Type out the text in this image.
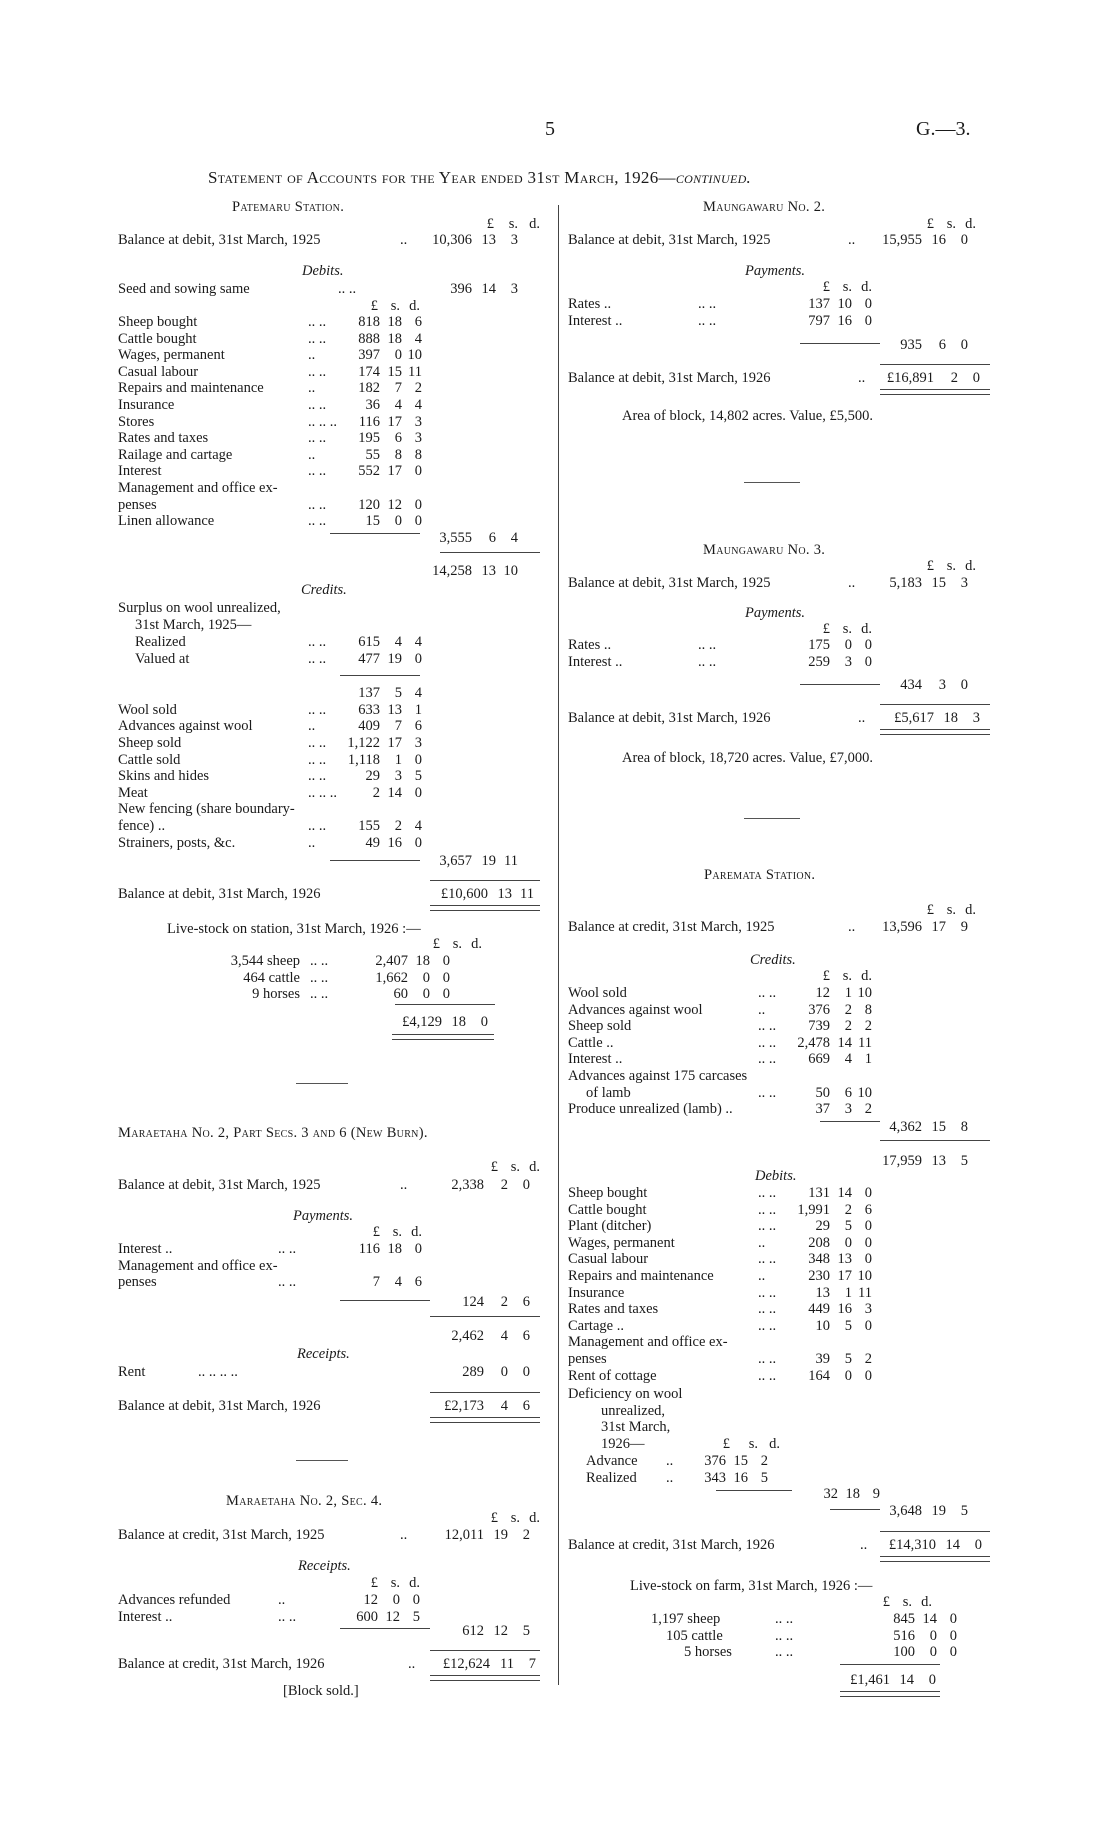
5	G.—3.
Statement of Accounts for the Year ended 31st March, 1926—continued.
Patemaru Station.
£	s. d.
Balance at debit, 31st March, 1925	..	10,306 13	3
Debits.
Seed and sowing same	.. ..	396 14	3
£ s. d.
Sheep bought	.. ..	818 18 6
Cattle bought	.. ..	888 18 4
Wages, permanent	..	397	0 10
Casual labour	.. ..	174 15 11
Repairs and maintenance	..	182	7 2
Insurance	.. ..	36	4 4
Stores	.. .. ..	116 17 3
Rates and taxes	.. ..	195	6 3
Railage and cartage	..	55	8 8
Interest	.. ..	552 17 0
Management and office ex-
penses	.. ..	120 12 0
Linen allowance	.. ..	15	0 0
3,555	6	4
14,258 13 10
Credits.
Surplus on wool unrealized,
31st March, 1925—
Realized	.. ..	615	4 4
Valued at	.. ..	477 19 0
137	5 4
Wool sold	.. ..	633 13 1
Advances against wool	..	409	7 6
Sheep sold	.. ..	1,122 17 3
Cattle sold	.. ..	1,118	1 0
Skins and hides	.. ..	29	3 5
Meat	.. .. ..	2 14 0
New fencing (share boundary-
fence) ..	.. ..	155	2 4
Strainers, posts, &c.	..	49 16 0
3,657 19 11
Balance at debit, 31st March, 1926	£10,600 13 11
Live-stock on station, 31st March, 1926 :—
£ s. d.
3,544 sheep .. ..	2,407 18 0
464 cattle .. ..	1,662	0 0
9 horses .. ..	60	0 0
£4,129 18	0
Maraetaha No. 2, Part Secs. 3 and 6 (New Burn).
£ s. d.
Balance at debit, 31st March, 1925	..	2,338	2	0
Payments.
£ s. d.
Interest ..	.. ..	116 18 0
Management and office ex-
penses	.. ..	7	4 6
124	2	6
2,462	4	6
Receipts.
Rent	.. .. .. ..	289	0	0
Balance at debit, 31st March, 1926	£2,173	4	6
Maraetaha No. 2, Sec. 4.
£ s. d.
Balance at credit, 31st March, 1925	..	12,011 19	2
Receipts.
£ s. d.
Advances refunded	..	12	0 0
Interest ..	.. ..	600 12 5
612 12	5
Balance at credit, 31st March, 1926	..	£12,624 11	7
[Block sold.]
Maungawaru No. 2.
£ s. d.
Balance at debit, 31st March, 1925	..	15,955 16	0
Payments.
£ s. d.
Rates ..	.. ..	137 10 0
Interest ..	.. ..	797 16 0
935	6	0
Balance at debit, 31st March, 1926	..	£16,891	2	0
Area of block, 14,802 acres. Value, £5,500.
Maungawaru No. 3.
£ s. d.
Balance at debit, 31st March, 1925	..	5,183 15	3
Payments.
£ s. d.
Rates ..	.. ..	175	0 0
Interest ..	.. ..	259	3 0
434	3	0
Balance at debit, 31st March, 1926	..	£5,617 18	3
Area of block, 18,720 acres. Value, £7,000.
Paremata Station.
£ s. d.
Balance at credit, 31st March, 1925	..	13,596 17	9
Credits.
£ s. d.
Wool sold	.. ..	12	1 10
Advances against wool	..	376	2 8
Sheep sold	.. ..	739	2 2
Cattle ..	.. ..	2,478 14 11
Interest ..	.. ..	669	4 1
Advances against 175 carcases
of lamb	.. ..	50	6 10
Produce unrealized (lamb) ..	37	3 2
4,362 15	8
17,959 13	5
Debits.
Sheep bought	.. ..	131 14 0
Cattle bought	.. ..	1,991	2 6
Plant (ditcher)	.. ..	29	5 0
Wages, permanent	..	208	0 0
Casual labour	.. ..	348 13 0
Repairs and maintenance	..	230 17 10
Insurance	.. ..	13	1 11
Rates and taxes	.. ..	449 16 3
Cartage ..	.. ..	10	5 0
Management and office ex-
penses	.. ..	39	5 2
Rent of cottage	.. ..	164	0 0
Deficiency on wool
unrealized,
31st March,
1926—	£	s. d.
Advance	..	376 15 2
Realized	..	343 16 5
32 18 9
3,648 19	5
Balance at credit, 31st March, 1926	..	£14,310 14	0
Live-stock on farm, 31st March, 1926 :—
£ s. d.
1,197 sheep	.. ..	845 14 0
105 cattle	.. ..	516	0 0
5 horses	.. ..	100	0 0
£1,461 14	0
